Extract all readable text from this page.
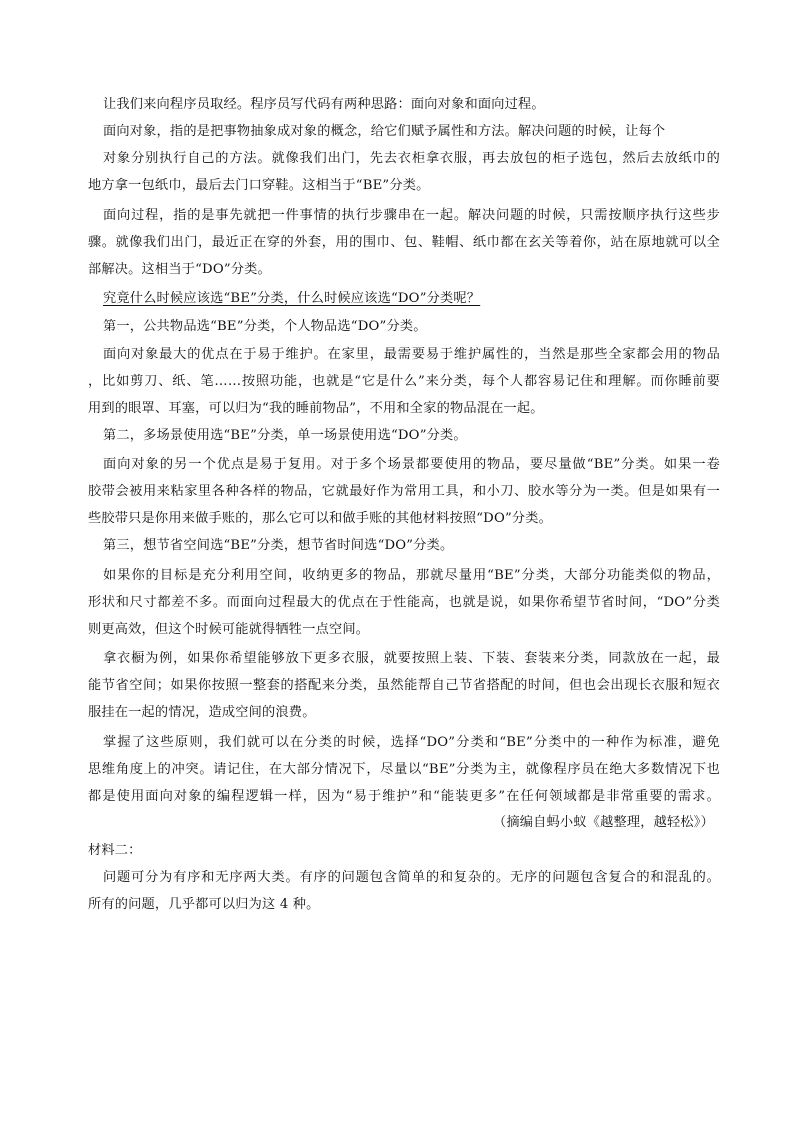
让我们来向程序员取经。程序员写代码有两种思路：面向对象和面向过程。
面向对象，指的是把事物抽象成对象的概念，给它们赋予属性和方法。解决问题的时候，让每个
对象分别执行自己的方法。就像我们出门，先去衣柜拿衣服，再去放包的柜子选包，然后去放纸巾的
地方拿一包纸巾，最后去门口穿鞋。这相当于“BE”分类。
面向过程，指的是事先就把一件事情的执行步骤串在一起。解决问题的时候，只需按顺序执行这些步
骤。就像我们出门，最近正在穿的外套，用的围巾、包、鞋帽、纸巾都在玄关等着你，站在原地就可以全
部解决。这相当于“DO”分类。
究竟什么时候应该选“BE”分类，什么时候应该选“DO”分类呢？
第一，公共物品选“BE”分类，个人物品选“DO”分类。
面向对象最大的优点在于易于维护。在家里，最需要易于维护属性的，当然是那些全家都会用的物品
，比如剪刀、纸、笔……按照功能，也就是“它是什么”来分类，每个人都容易记住和理解。而你睡前要
用到的眼罩、耳塞，可以归为“我的睡前物品”，不用和全家的物品混在一起。
第二，多场景使用选“BE”分类，单一场景使用选“DO”分类。
面向对象的另一个优点是易于复用。对于多个场景都要使用的物品，要尽量做“BE”分类。如果一卷
胶带会被用来粘家里各种各样的物品，它就最好作为常用工具，和小刀、胶水等分为一类。但是如果有一
些胶带只是你用来做手账的，那么它可以和做手账的其他材料按照“DO”分类。
第三，想节省空间选“BE”分类，想节省时间选“DO”分类。
如果你的目标是充分利用空间，收纳更多的物品，那就尽量用“BE”分类，大部分功能类似的物品，
形状和尺寸都差不多。而面向过程最大的优点在于性能高，也就是说，如果你希望节省时间，“DO”分类
则更高效，但这个时候可能就得牺牲一点空间。
拿衣橱为例，如果你希望能够放下更多衣服，就要按照上装、下装、套装来分类，同款放在一起，最
能节省空间；如果你按照一整套的搭配来分类，虽然能帮自己节省搭配的时间，但也会出现长衣服和短衣
服挂在一起的情况，造成空间的浪费。
掌握了这些原则，我们就可以在分类的时候，选择“DO”分类和“BE”分类中的一种作为标准，避免
思维角度上的冲突。请记住，在大部分情况下，尽量以“BE”分类为主，就像程序员在绝大多数情况下也
都是使用面向对象的编程逻辑一样，因为“易于维护”和“能装更多”在任何领域都是非常重要的需求。
（摘编自蚂小蚁《越整理，越轻松》）
材料二：
问题可分为有序和无序两大类。有序的问题包含简单的和复杂的。无序的问题包含复合的和混乱的。
所有的问题，几乎都可以归为这 4 种。
